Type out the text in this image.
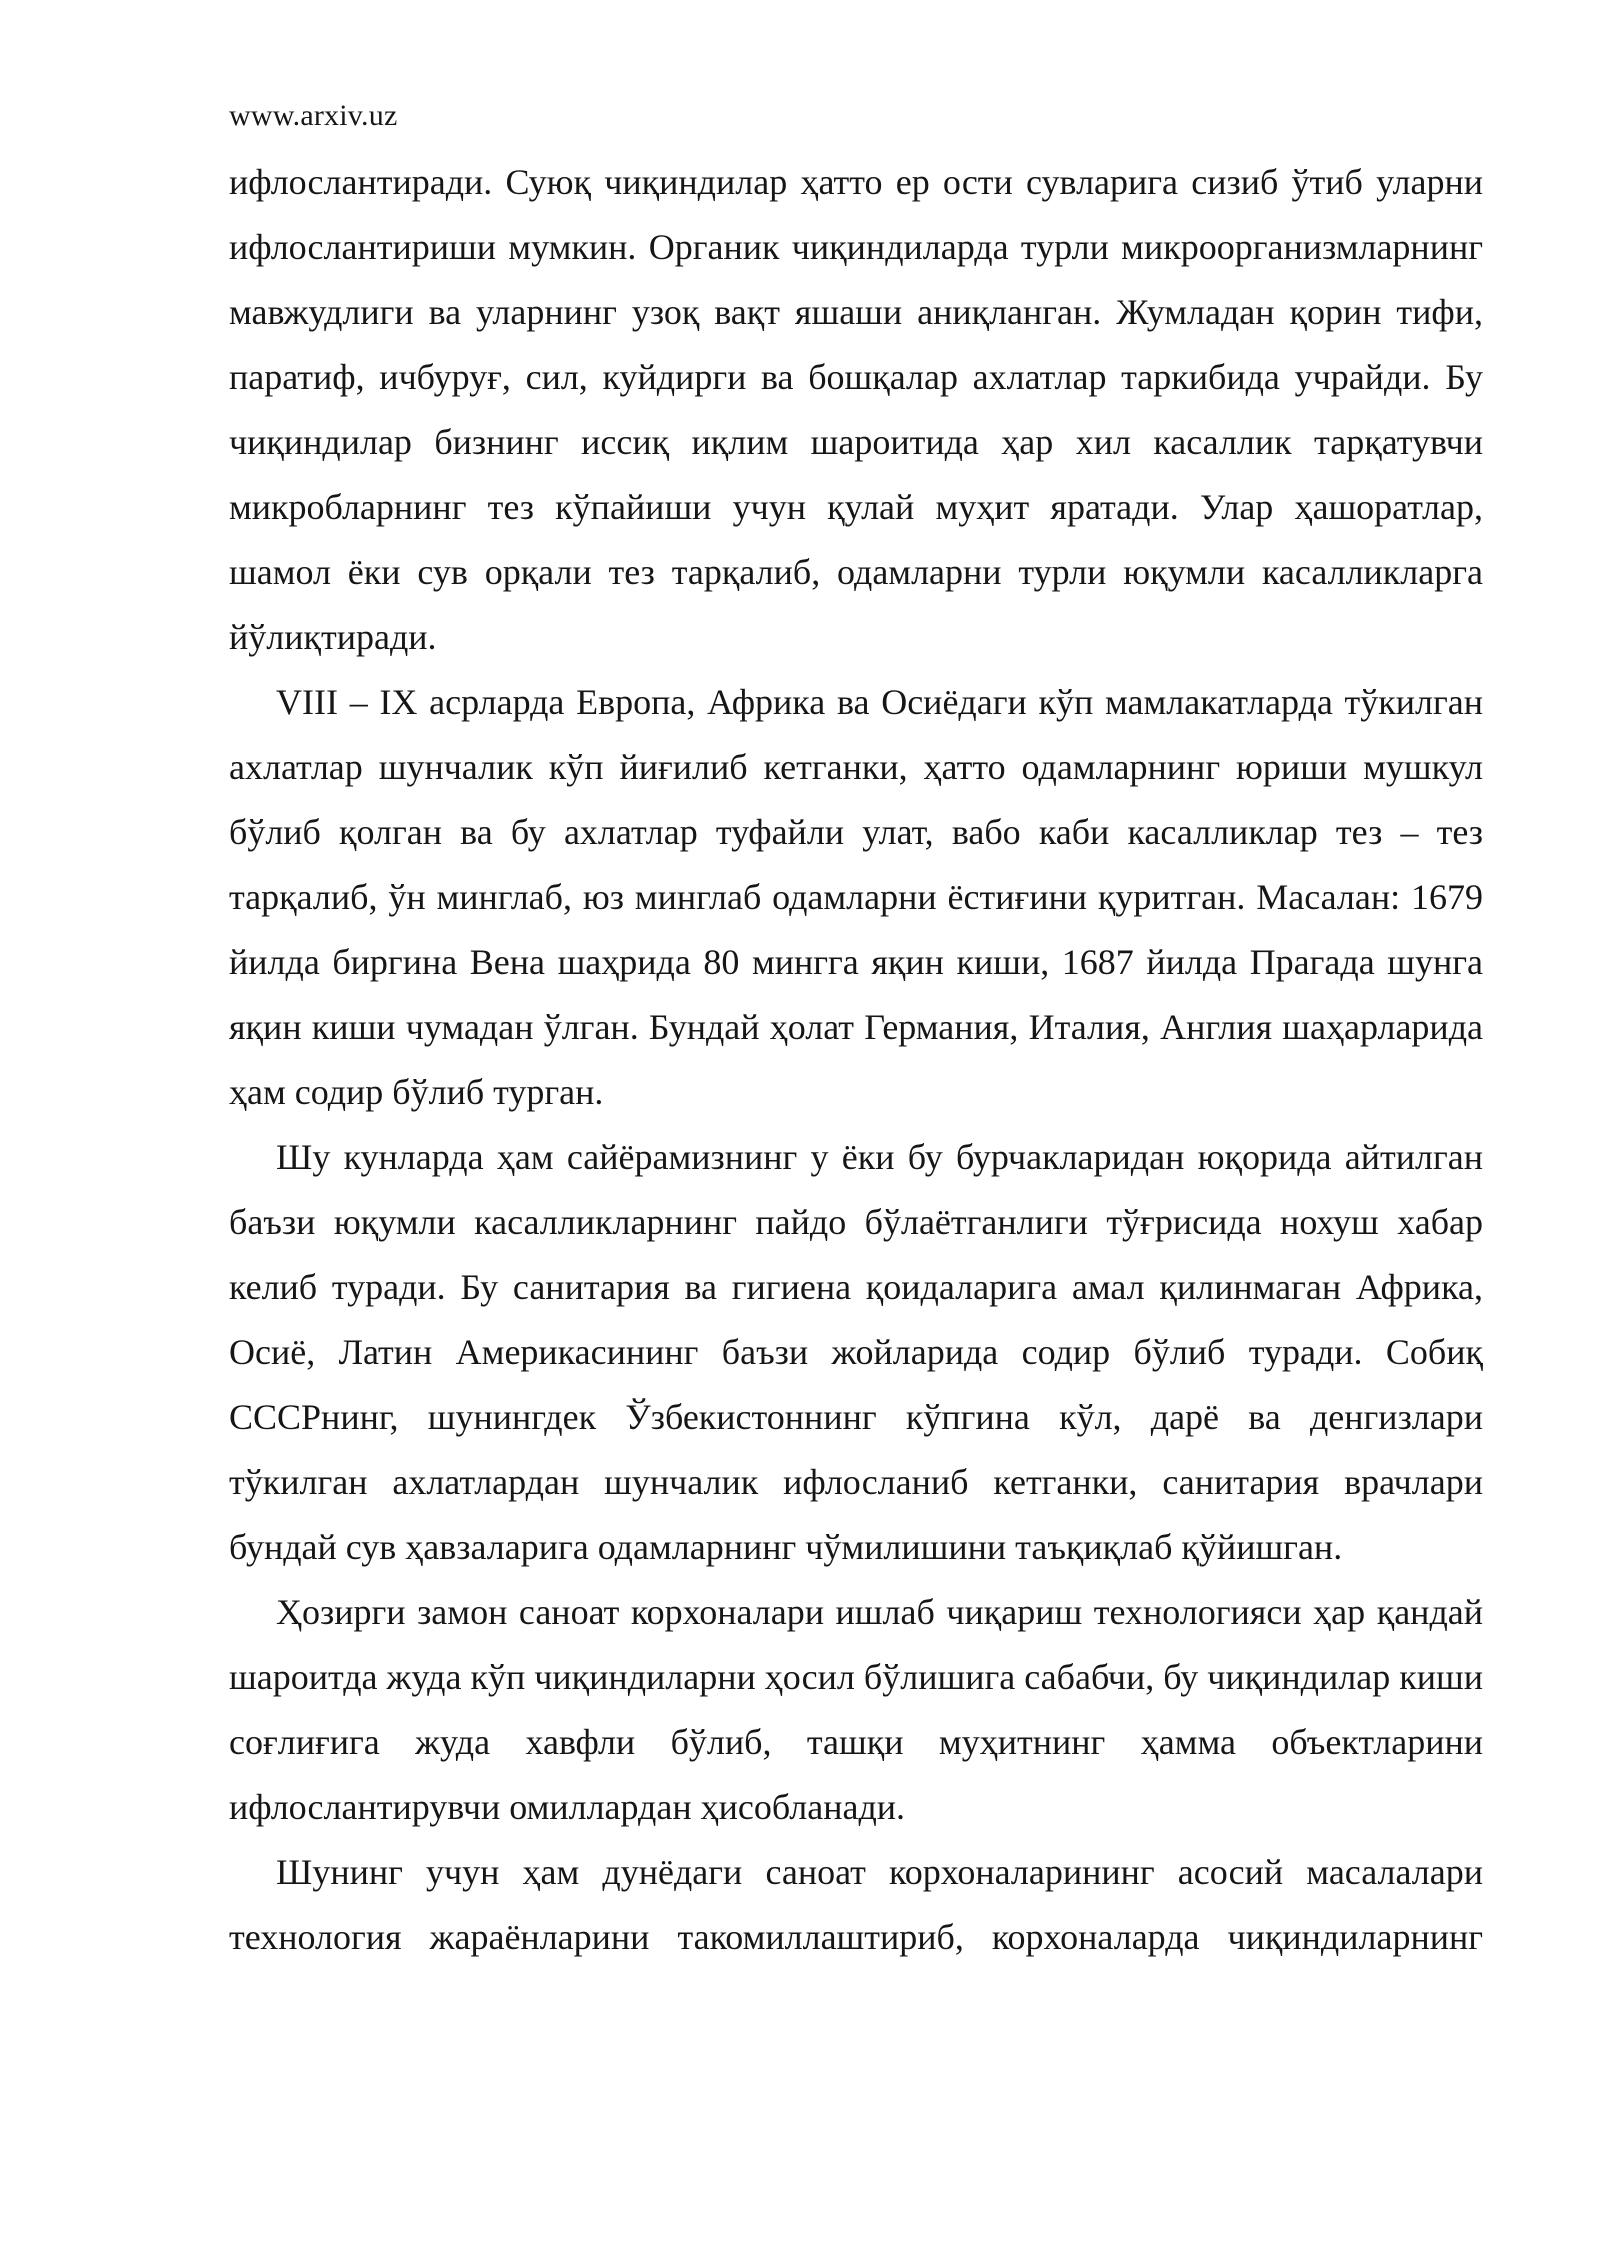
www.arxiv.uz

ифлослантиради. Суюқ чиқиндилар ҳатто ер ости сувларига сизиб ўтиб уларни ифлослантириши мумкин. Органик чиқиндиларда турли микроорганизмларнинг мавжудлиги ва уларнинг узоқ вақт яшаши аниқланган. Жумладан қорин тифи, паратиф, ичбуруғ, сил, куйдирги ва бошқалар ахлатлар таркибида учрайди. Бу чиқиндилар бизнинг иссиқ иқлим шароитида ҳар хил касаллик тарқатувчи микробларнинг тез кўпайиши учун қулай муҳит яратади. Улар ҳашоратлар, шамол ёки сув орқали тез тарқалиб, одамларни турли юқумли касалликларга йўлиқтиради.

VIII – IX асрларда Европа, Африка ва Осиёдаги кўп мамлакатларда тўкилган ахлатлар шунчалик кўп йиғилиб кетганки, ҳатто одамларнинг юриши мушкул бўлиб қолган ва бу ахлатлар туфайли улат, вабо каби касалликлар тез – тез тарқалиб, ўн минглаб, юз минглаб одамларни ёстиғини қуритган. Масалан: 1679 йилда биргина Вена шаҳрида 80 мингга яқин киши, 1687 йилда Прагада шунга яқин киши чумадан ўлган. Бундай ҳолат Германия, Италия, Англия шаҳарларида ҳам содир бўлиб турган.

Шу кунларда ҳам сайёрамизнинг у ёки бу бурчакларидан юқорида айтилган баъзи юқумли касалликларнинг пайдо бўлаётганлиги тўғрисида нохуш хабар келиб туради. Бу санитария ва гигиена қоидаларига амал қилинмаган Африка, Осиё, Латин Америкасининг баъзи жойларида содир бўлиб туради. Собиқ СССРнинг, шунингдек Ўзбекистоннинг кўпгина кўл, дарё ва денгизлари тўкилган ахлатлардан шунчалик ифлосланиб кетганки, санитария врачлари бундай сув ҳавзаларига одамларнинг чўмилишини таъқиқлаб қўйишган.

Ҳозирги замон саноат корхоналари ишлаб чиқариш технологияси ҳар қандай шароитда жуда кўп чиқиндиларни ҳосил бўлишига сабабчи, бу чиқиндилар киши соғлиғига жуда хавфли бўлиб, ташқи муҳитнинг ҳамма объектларини ифлослантирувчи омиллардан ҳисобланади.

Шунинг учун ҳам дунёдаги саноат корхоналарининг асосий масалалари технология жараёнларини такомиллаштириб, корхоналарда чиқиндиларнинг
